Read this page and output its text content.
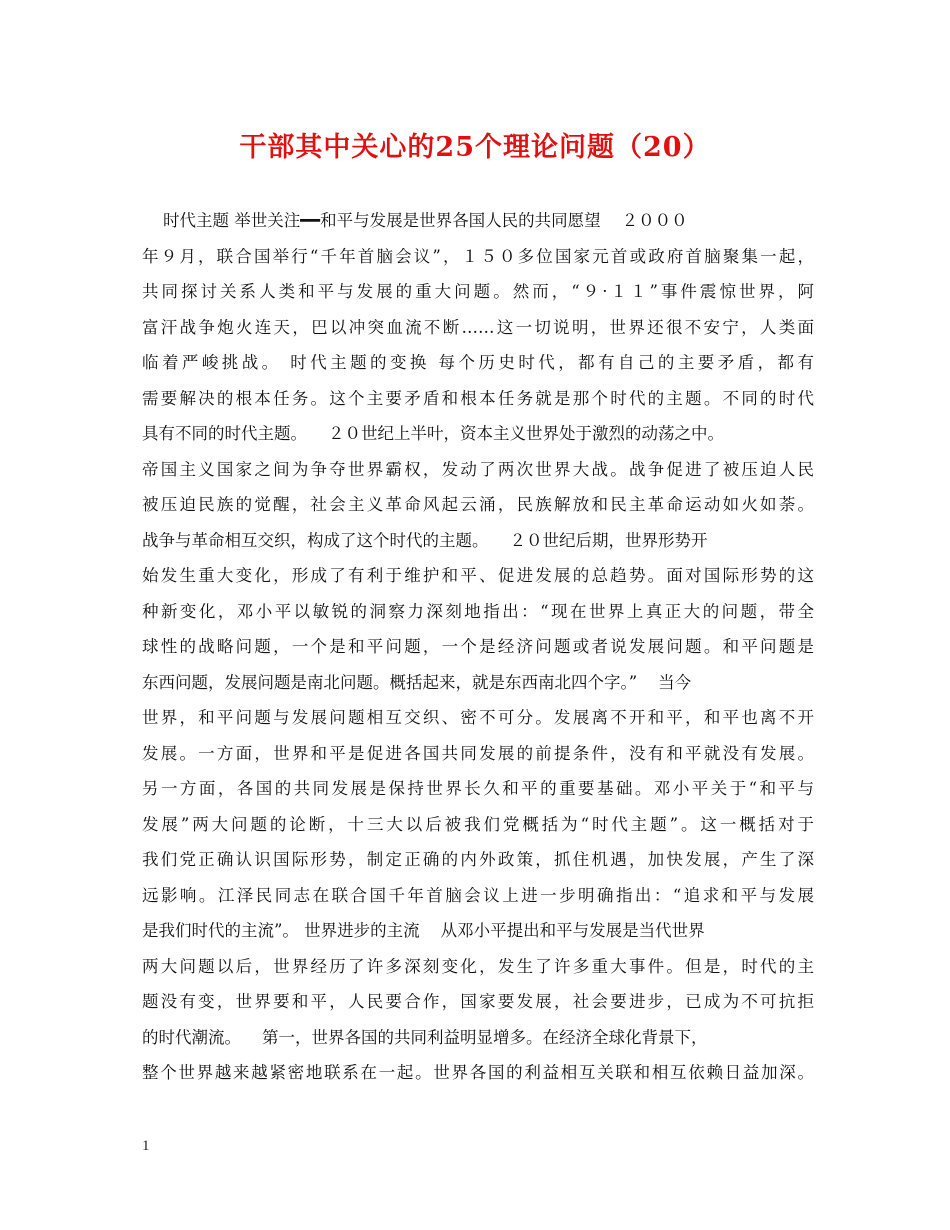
干部其中关心的25个理论问题（20）
时代主题 举世关注━━和平与发展是世界各国人民的共同愿望    ２０００
年９月，联合国举行“千年首脑会议”，１５０多位国家元首或政府首脑聚集一起，
共同探讨关系人类和平与发展的重大问题。然而，“９·１１”事件震惊世界，阿
富汗战争炮火连天，巴以冲突血流不断……这一切说明，世界还很不安宁，人类面
临着严峻挑战。 时代主题的变换 每个历史时代，都有自己的主要矛盾，都有
需要解决的根本任务。这个主要矛盾和根本任务就是那个时代的主题。不同的时代
具有不同的时代主题。    ２０世纪上半叶，资本主义世界处于激烈的动荡之中。
帝国主义国家之间为争夺世界霸权，发动了两次世界大战。战争促进了被压迫人民
被压迫民族的觉醒，社会主义革命风起云涌，民族解放和民主革命运动如火如荼。
战争与革命相互交织，构成了这个时代的主题。    ２０世纪后期，世界形势开
始发生重大变化，形成了有利于维护和平、促进发展的总趋势。面对国际形势的这
种新变化，邓小平以敏锐的洞察力深刻地指出：“现在世界上真正大的问题，带全
球性的战略问题，一个是和平问题，一个是经济问题或者说发展问题。和平问题是
东西问题，发展问题是南北问题。概括起来，就是东西南北四个字。”    当今
世界，和平问题与发展问题相互交织、密不可分。发展离不开和平，和平也离不开
发展。一方面，世界和平是促进各国共同发展的前提条件，没有和平就没有发展。
另一方面，各国的共同发展是保持世界长久和平的重要基础。邓小平关于“和平与
发展”两大问题的论断，十三大以后被我们党概括为“时代主题”。这一概括对于
我们党正确认识国际形势，制定正确的内外政策，抓住机遇，加快发展，产生了深
远影响。江泽民同志在联合国千年首脑会议上进一步明确指出：“追求和平与发展
是我们时代的主流”。 世界进步的主流    从邓小平提出和平与发展是当代世界
两大问题以后，世界经历了许多深刻变化，发生了许多重大事件。但是，时代的主
题没有变，世界要和平，人民要合作，国家要发展，社会要进步，已成为不可抗拒
的时代潮流。    第一，世界各国的共同利益明显增多。在经济全球化背景下，
整个世界越来越紧密地联系在一起。世界各国的利益相互关联和相互依赖日益加深。
1
